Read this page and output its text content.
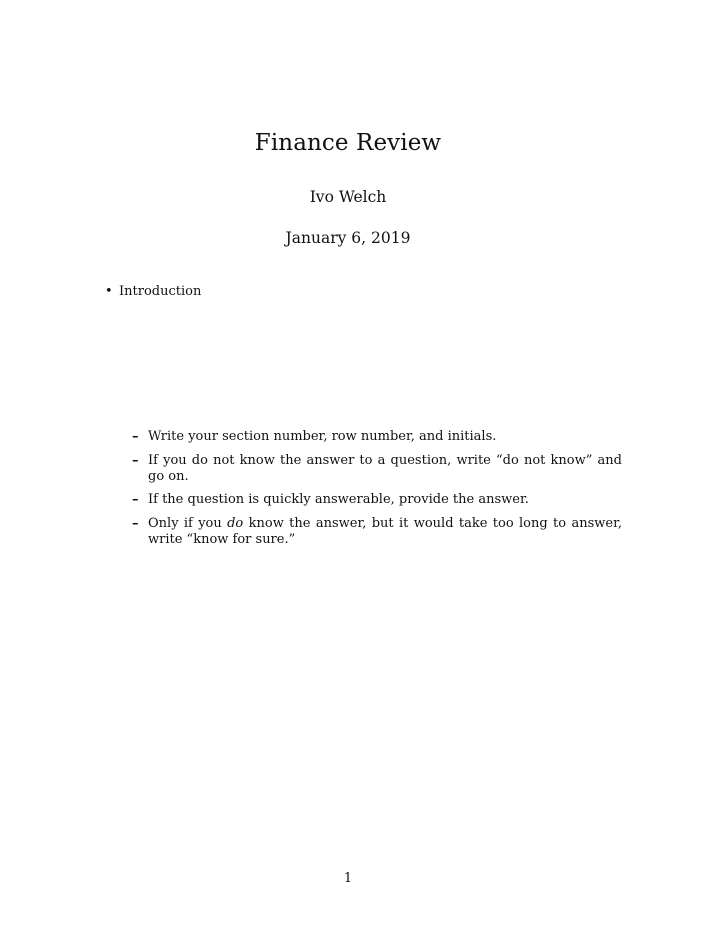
Finance Review
Ivo Welch
January 6, 2019
• Introduction
– Write your section number, row number, and initials.
– If you do not know the answer to a question, write “do not know” and go on.
– If the question is quickly answerable, provide the answer.
– Only if you do know the answer, but it would take too long to answer, write “know for sure.”
1
